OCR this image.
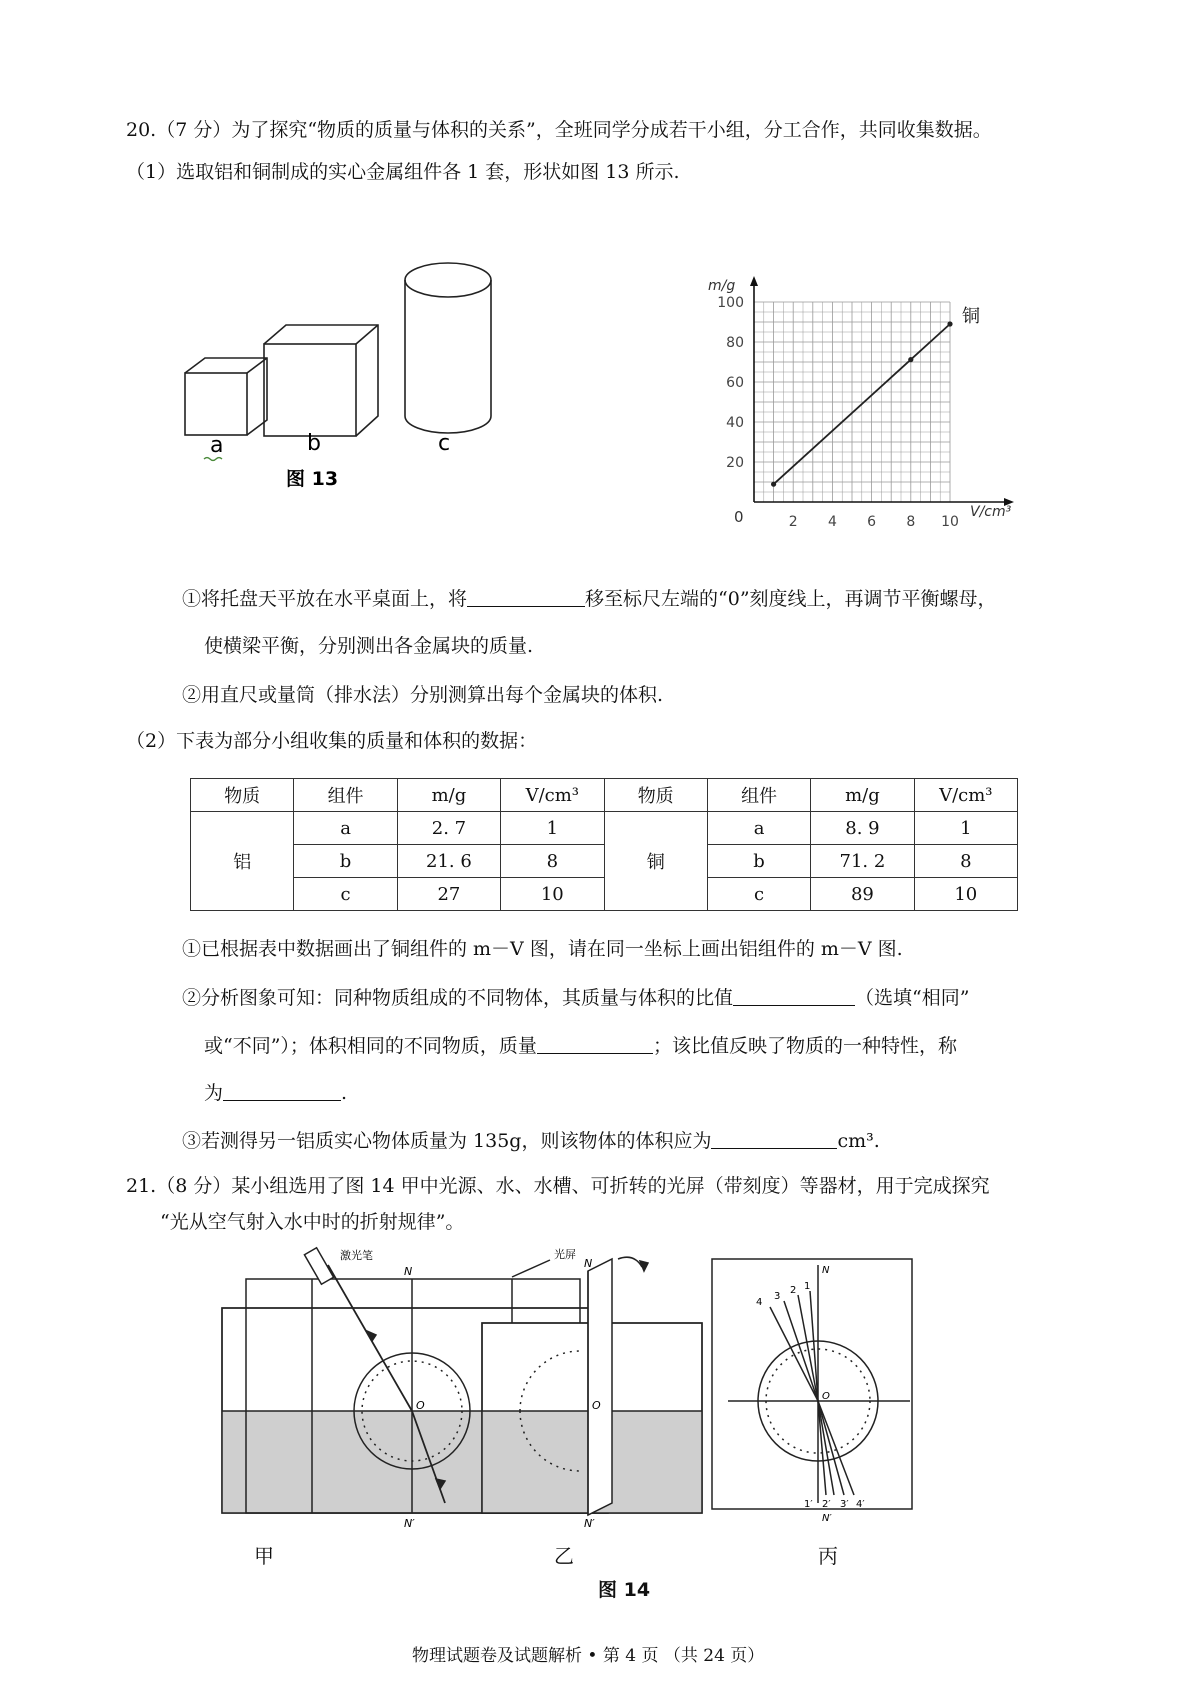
20.（7 分）为了探究“物质的质量与体积的关系”，全班同学分成若干小组，分工合作，共同收集数据。
（1）选取铝和铜制成的实心金属组件各 1 套，形状如图 13 所示.
a	b	c
图 13
m/g
V/cm³
0
20
40
60
80
100
2 4 6 8 10
铜
①将托盘天平放在水平桌面上，将	移至标尺左端的“0”刻度线上，再调节平衡螺母，
使横梁平衡，分别测出各金属块的质量.
②用直尺或量筒（排水法）分别测算出每个金属块的体积.
（2）下表为部分小组收集的质量和体积的数据：
物质	组件	m/g	V/cm³	物质	组件	m/g	V/cm³
铝	a	2. 7	1	铜	a	8. 9	1
	b	21. 6	8		b	71. 2	8
	c	27	10		c	89	10
①已根据表中数据画出了铜组件的 m－V 图，请在同一坐标上画出铝组件的 m－V 图.
②分析图象可知：同种物质组成的不同物体，其质量与体积的比值	（选填“相同”
或“不同”）；体积相同的不同物质，质量	；该比值反映了物质的一种特性，称
为	.
③若测得另一铝质实心物体质量为 135g，则该物体的体积应为	cm³.
21.（8 分）某小组选用了图 14 甲中光源、水、水槽、可折转的光屏（带刻度）等器材，用于完成探究
“光从空气射入水中时的折射规律”。
激光笔	光屏
N
N′
O
N
N′
O
4
3
2 1
1′ 2′ 3′ 4′
N
N′
O
甲	乙	丙
图 14
物理试题卷及试题解析 • 第 4 页 （共 24 页）
